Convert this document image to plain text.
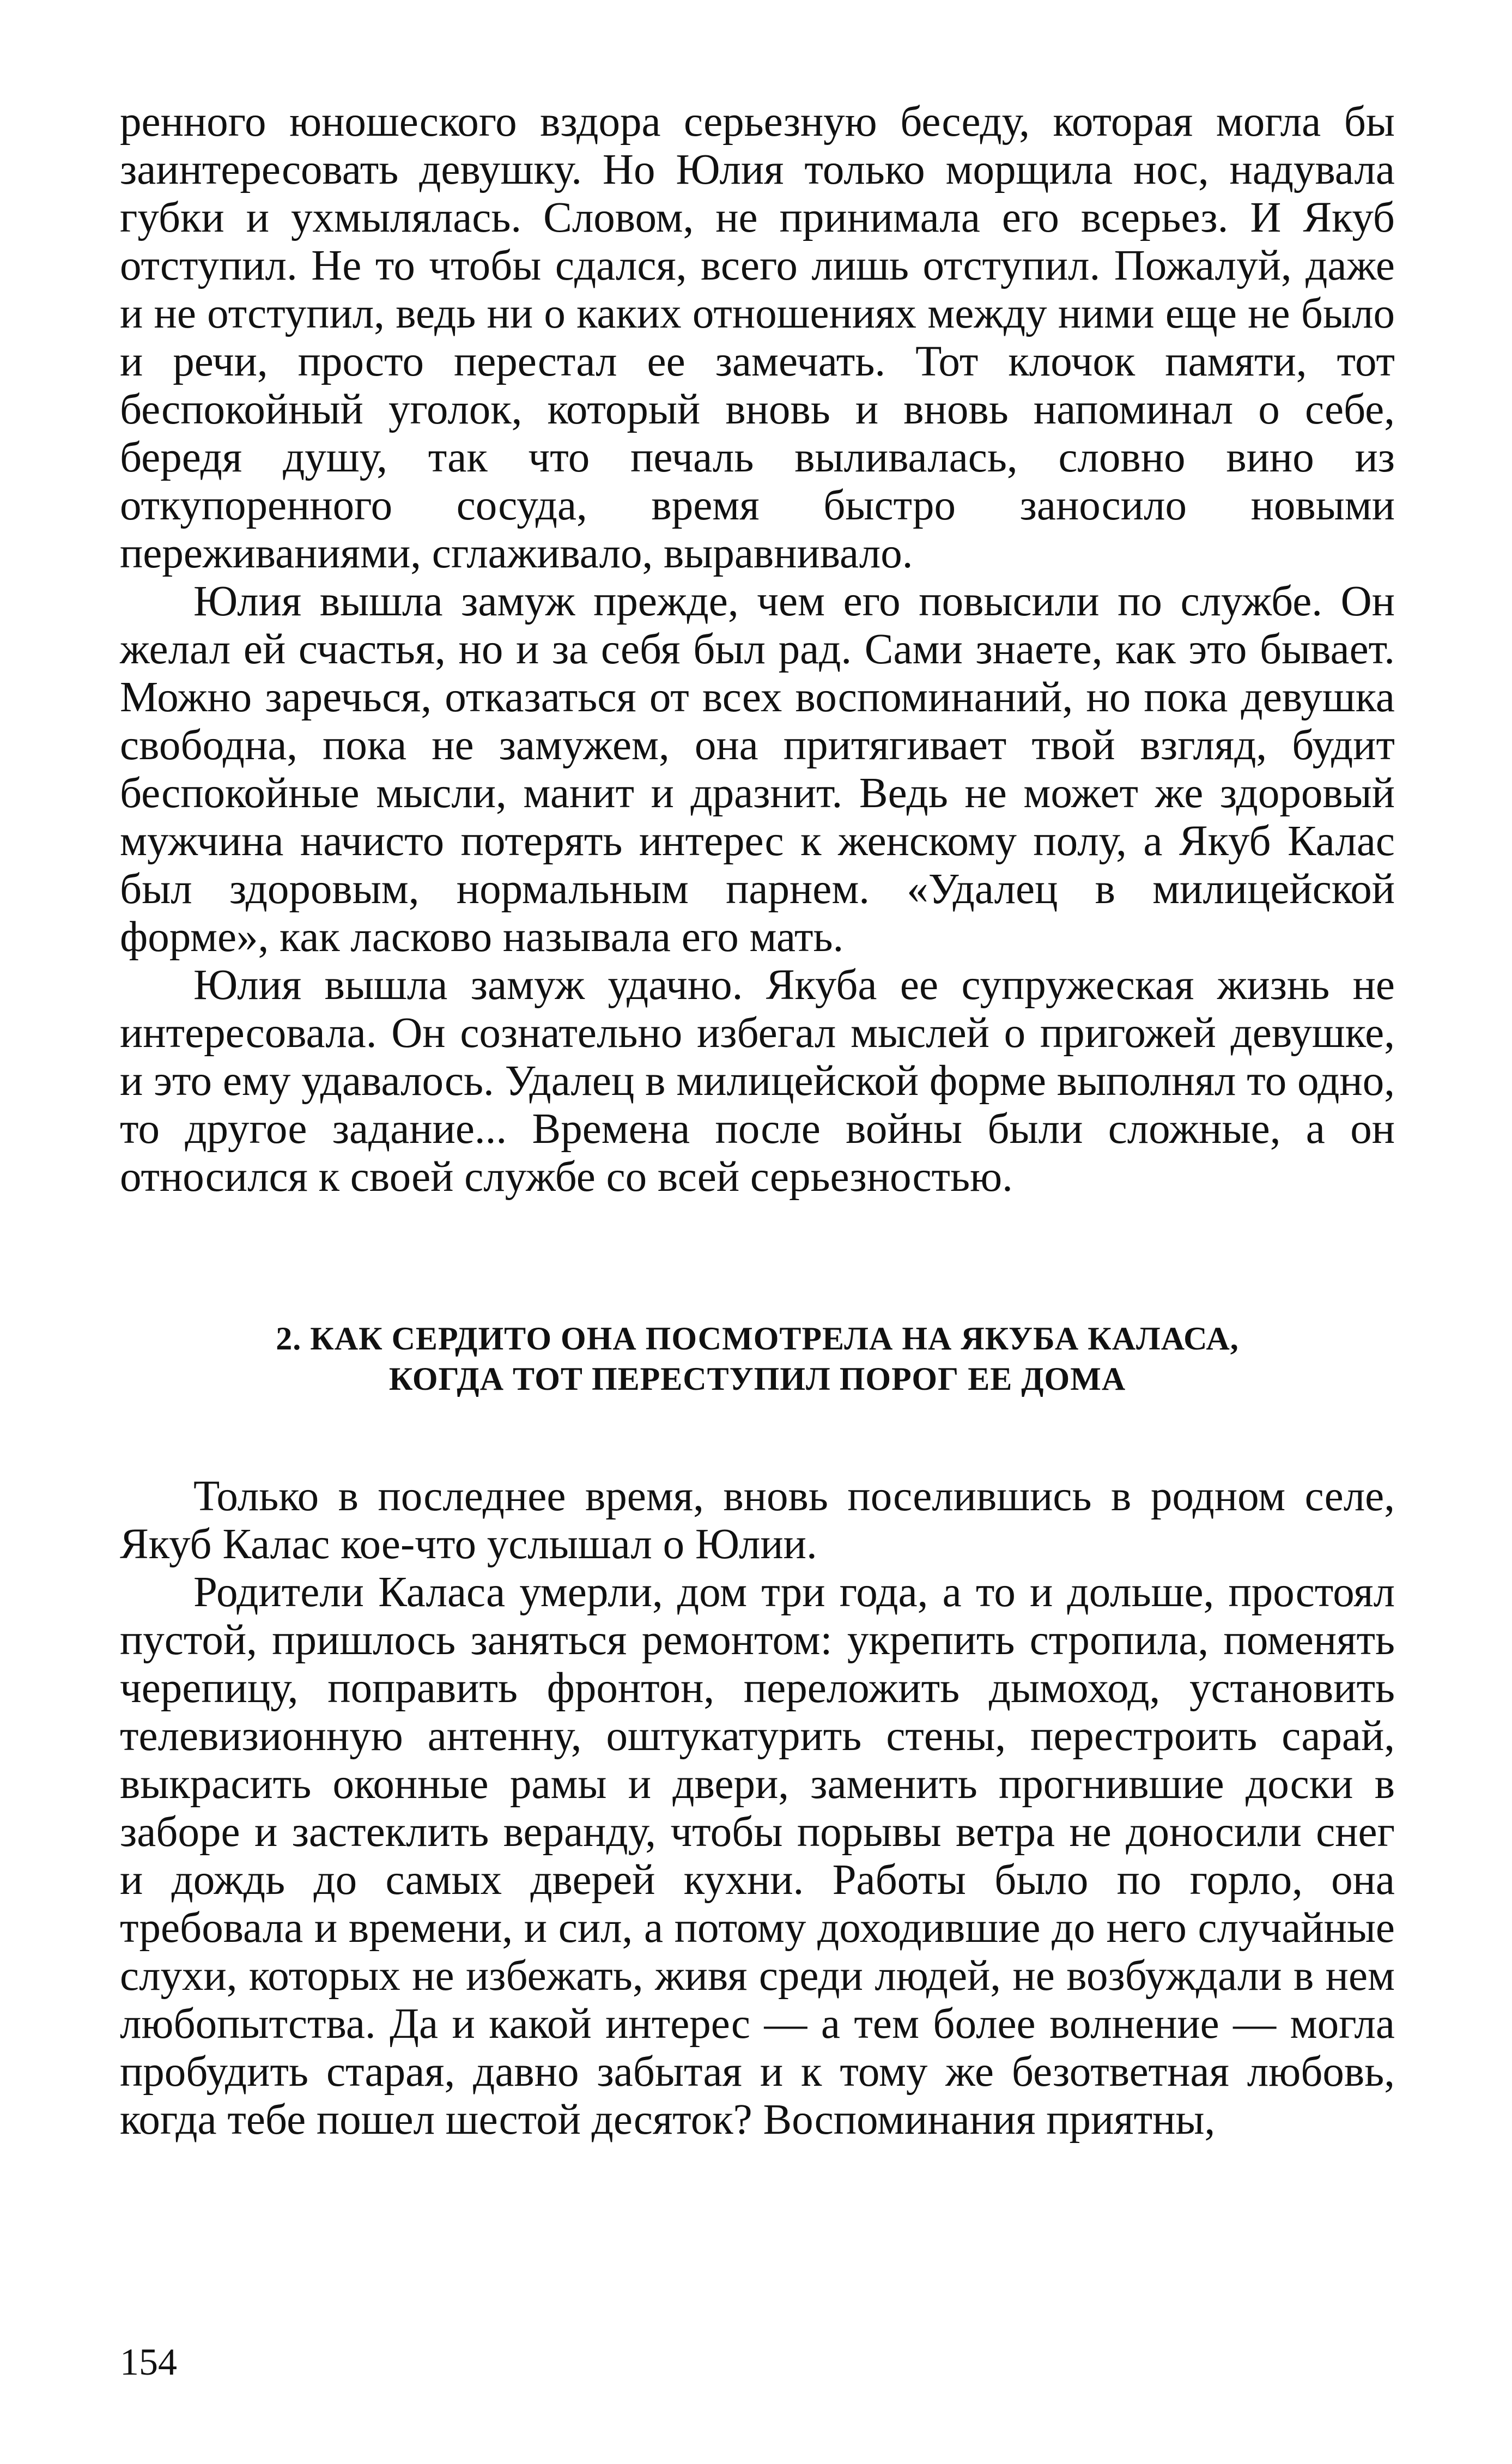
ренного юношеского вздора серьезную беседу, которая могла бы заинтересовать девушку. Но Юлия только морщила нос, надувала губки и ухмылялась. Словом, не принимала его всерьез. И Якуб отступил. Не то чтобы сдался, всего лишь отступил. Пожалуй, даже и не отступил, ведь ни о каких отношениях между ними еще не было и речи, просто перестал ее замечать. Тот клочок памяти, тот беспокойный уголок, который вновь и вновь напоминал о себе, бередя душу, так что печаль выливалась, словно вино из откупоренного сосуда, время быстро заносило новыми переживаниями, сглаживало, выравнивало.

Юлия вышла замуж прежде, чем его повысили по службе. Он желал ей счастья, но и за себя был рад. Сами знаете, как это бывает. Можно заречься, отказаться от всех воспоминаний, но пока девушка свободна, пока не замужем, она притягивает твой взгляд, будит беспокойные мысли, манит и дразнит. Ведь не может же здоровый мужчина начисто потерять интерес к женскому полу, а Якуб Калас был здоровым, нормальным парнем. «Удалец в милицейской форме», как ласково называла его мать.

Юлия вышла замуж удачно. Якуба ее супружеская жизнь не интересовала. Он сознательно избегал мыслей о пригожей девушке, и это ему удавалось. Удалец в милицейской форме выполнял то одно, то другое задание... Времена после войны были сложные, а он относился к своей службе со всей серьезностью.

2. КАК СЕРДИТО ОНА ПОСМОТРЕЛА НА ЯКУБА КАЛАСА,
КОГДА ТОТ ПЕРЕСТУПИЛ ПОРОГ ЕЕ ДОМА

Только в последнее время, вновь поселившись в родном селе, Якуб Калас кое-что услышал о Юлии.

Родители Каласа умерли, дом три года, а то и дольше, простоял пустой, пришлось заняться ремонтом: укрепить стропила, поменять черепицу, поправить фронтон, переложить дымоход, установить телевизионную антенну, оштукатурить стены, перестроить сарай, выкрасить оконные рамы и двери, заменить прогнившие доски в заборе и застеклить веранду, чтобы порывы ветра не доносили снег и дождь до самых дверей кухни. Работы было по горло, она требовала и времени, и сил, а потому доходившие до него случайные слухи, которых не избежать, живя среди людей, не возбуждали в нем любопытства. Да и какой интерес — а тем более волнение — могла пробудить старая, давно забытая и к тому же безответная любовь, когда тебе пошел шестой десяток? Воспоминания приятны,

154
